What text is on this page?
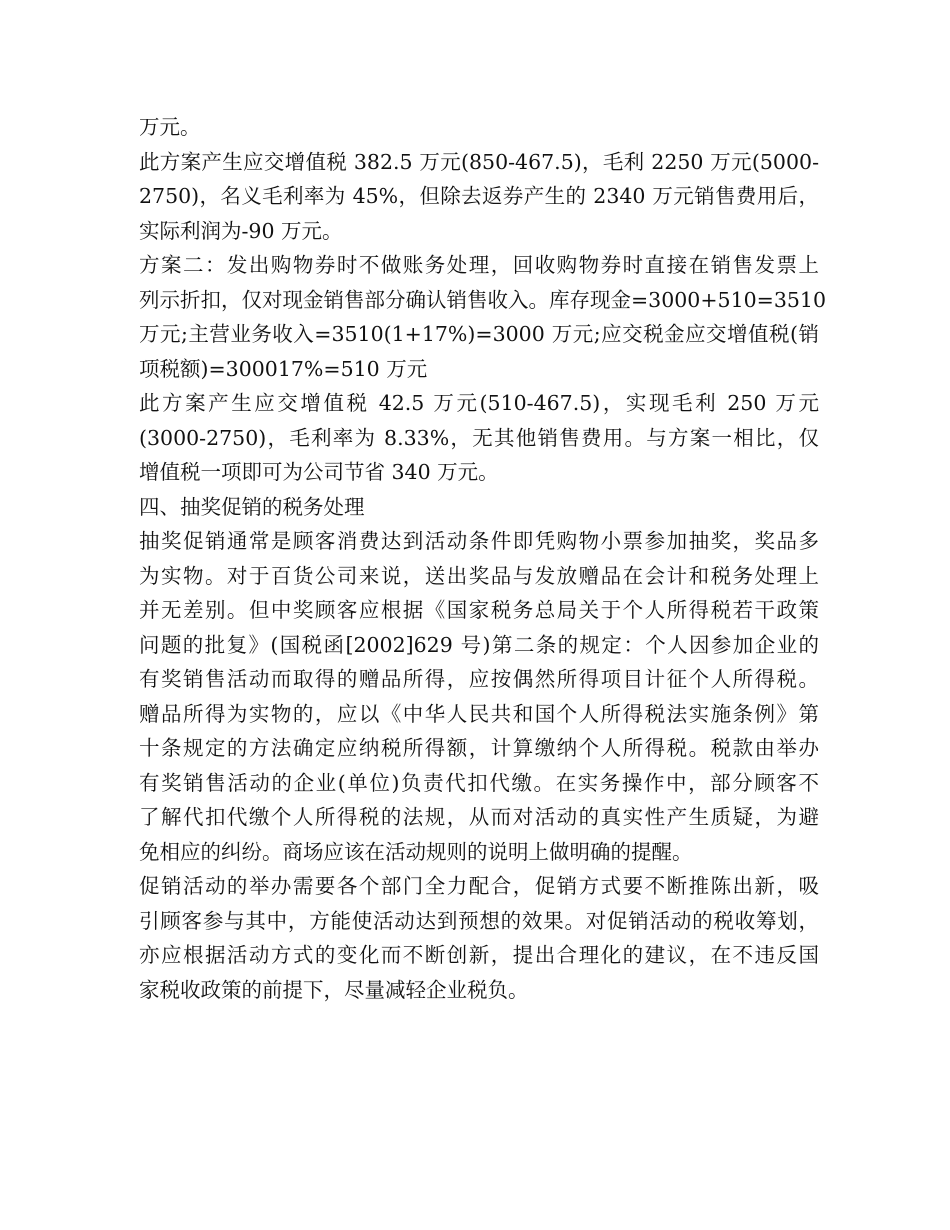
万元。
此方案产生应交增值税 382.5 万元(850-467.5)，毛利 2250 万元(5000-
2750)，名义毛利率为 45%，但除去返券产生的 2340 万元销售费用后，
实际利润为-90 万元。
方案二：发出购物券时不做账务处理，回收购物券时直接在销售发票上
列示折扣，仅对现金销售部分确认销售收入。库存现金=3000+510=3510
万元;主营业务收入=3510(1+17%)=3000 万元;应交税金应交增值税(销
项税额)=300017%=510 万元
此方案产生应交增值税 42.5 万元(510-467.5)，实现毛利 250 万元
(3000-2750)，毛利率为 8.33%，无其他销售费用。与方案一相比，仅
增值税一项即可为公司节省 340 万元。
四、抽奖促销的税务处理
抽奖促销通常是顾客消费达到活动条件即凭购物小票参加抽奖，奖品多
为实物。对于百货公司来说，送出奖品与发放赠品在会计和税务处理上
并无差别。但中奖顾客应根据《国家税务总局关于个人所得税若干政策
问题的批复》(国税函[2002]629 号)第二条的规定：个人因参加企业的
有奖销售活动而取得的赠品所得，应按偶然所得项目计征个人所得税。
赠品所得为实物的，应以《中华人民共和国个人所得税法实施条例》第
十条规定的方法确定应纳税所得额，计算缴纳个人所得税。税款由举办
有奖销售活动的企业(单位)负责代扣代缴。在实务操作中，部分顾客不
了解代扣代缴个人所得税的法规，从而对活动的真实性产生质疑，为避
免相应的纠纷。商场应该在活动规则的说明上做明确的提醒。
促销活动的举办需要各个部门全力配合，促销方式要不断推陈出新，吸
引顾客参与其中，方能使活动达到预想的效果。对促销活动的税收筹划，
亦应根据活动方式的变化而不断创新，提出合理化的建议，在不违反国
家税收政策的前提下，尽量减轻企业税负。
